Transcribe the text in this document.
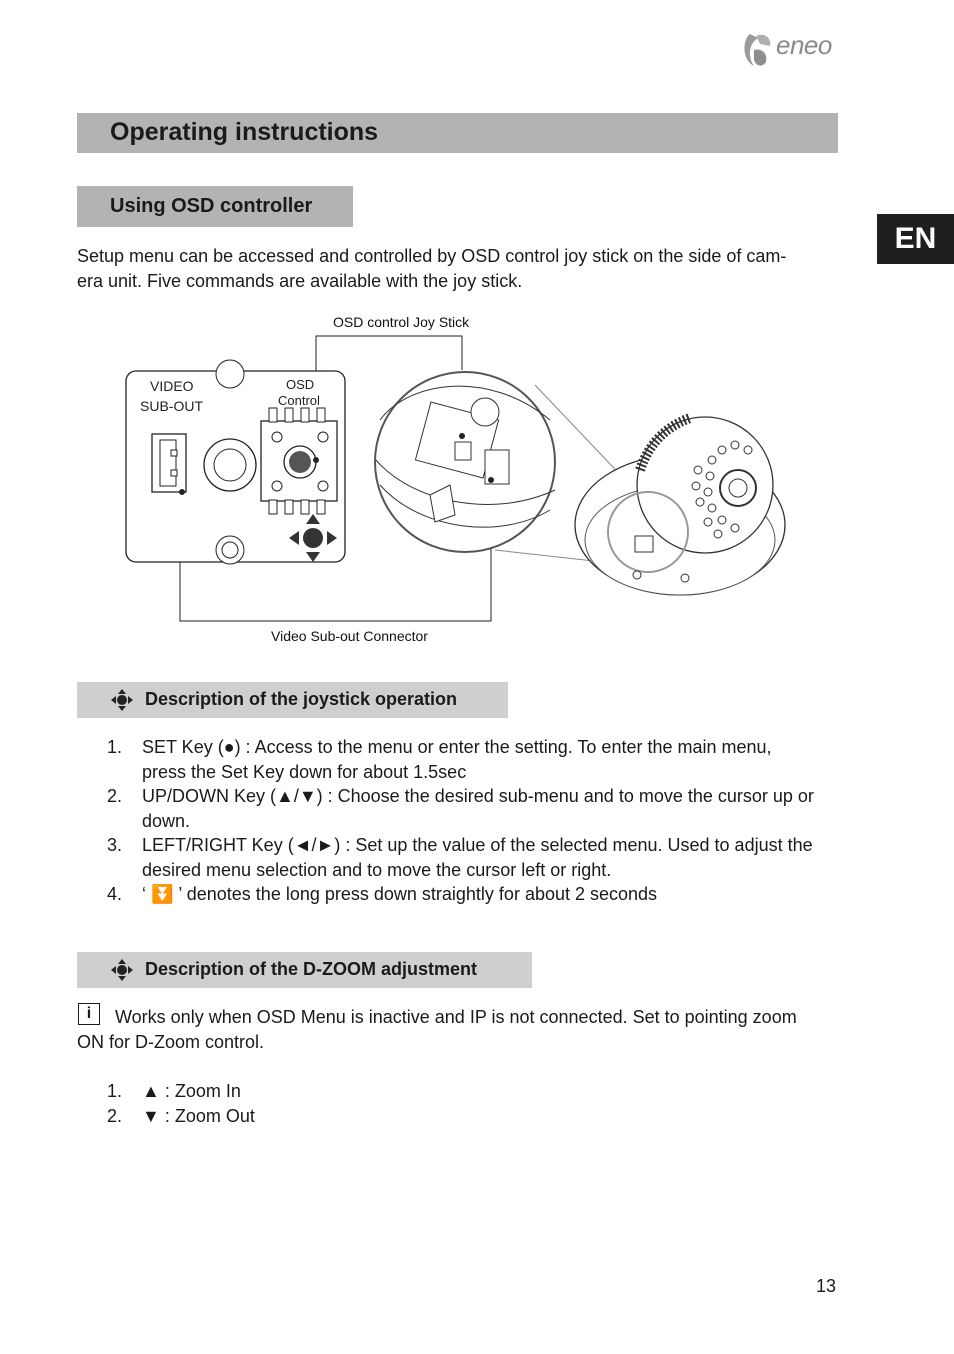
eneo
EN
Operating instructions
Using OSD controller
Setup menu can be accessed and controlled by OSD control joy stick on the side of cam-
era unit. Five commands are available with the joy stick.
VIDEO
SUB-OUT
OSD
Control
OSD control Joy Stick
Video Sub-out Connector
Description of the joystick operation
1. SET Key (●) : Access to the menu or enter the setting. To enter the main menu,
press the Set Key down for about 1.5sec
2. UP/DOWN Key (▲/▼) : Choose the desired sub-menu and to move the cursor up or
down.
3. LEFT/RIGHT Key (◄/►) : Set up the value of the selected menu. Used to adjust the
desired menu selection and to move the cursor left or right.
4. ‘ ⏬ ’ denotes the long press down straightly for about 2 seconds
Description of the D-ZOOM adjustment
i	Works only when OSD Menu is inactive and IP is not connected. Set to pointing zoom
ON for D-Zoom control.
1. ▲ : Zoom In
2. ▼ : Zoom Out
13
